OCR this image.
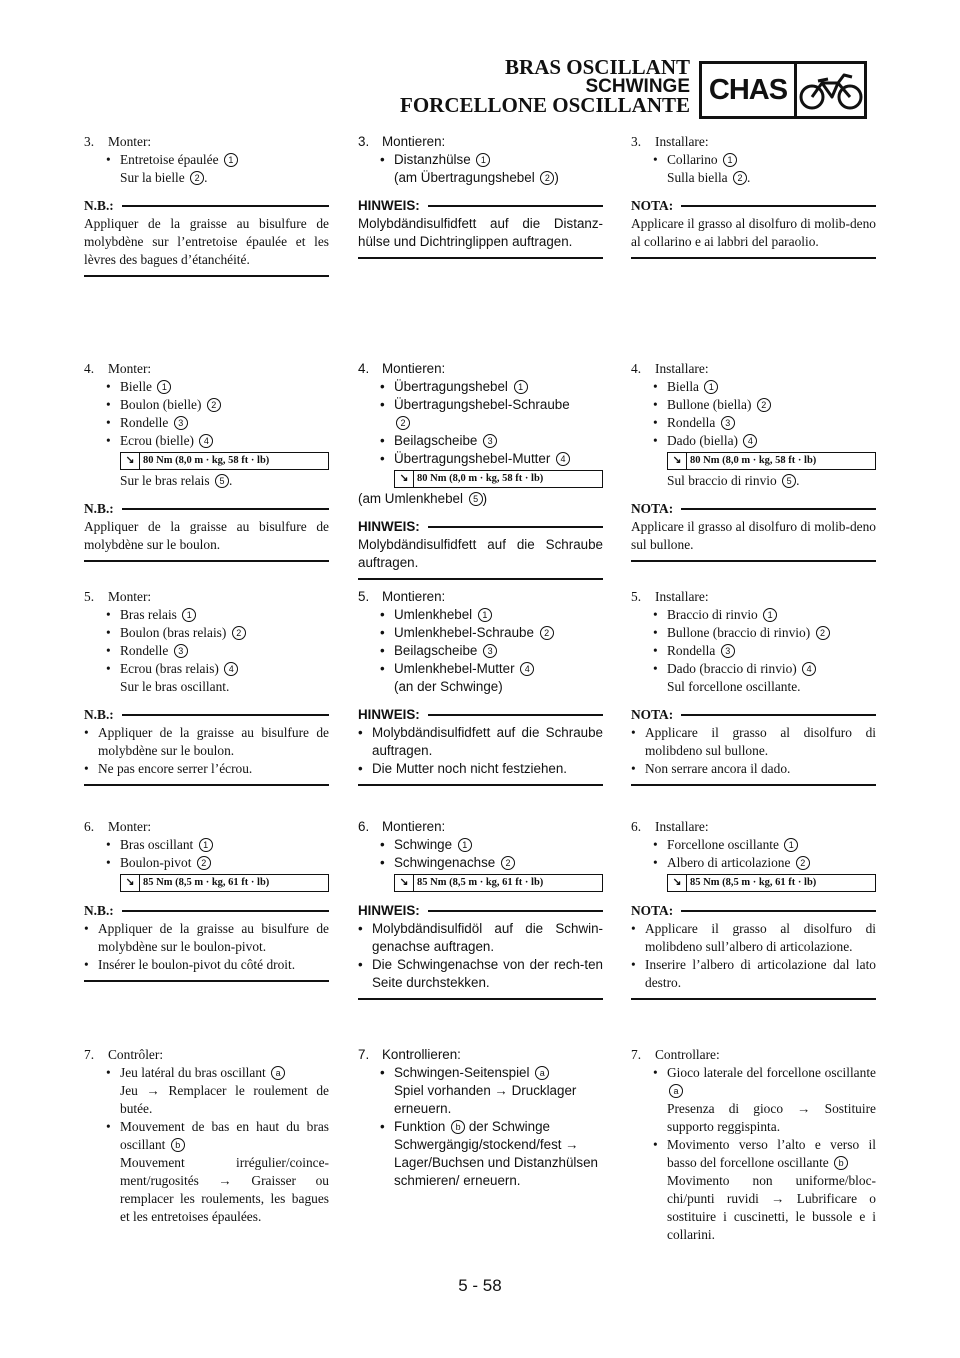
BRAS OSCILLANT
SCHWINGE
FORCELLONE OSCILLANTE CHAS
3.	Monter:
• Entretoise épaulée 1
Sur la bielle 2 .
N.B.:
Appliquer de la graisse au bisulfure de molybdène sur l’entretoise épaulée et les lèvres des bagues d’étanchéité.
4.	Monter:
• Bielle 1
• Boulon (bielle) 2
• Rondelle 3
• Ecrou (bielle) 4
↘ 80 Nm (8,0 m · kg, 58 ft · lb)
Sur le bras relais 5 .
N.B.:
Appliquer de la graisse au bisulfure de molybdène sur le boulon.
5.	Monter:
• Bras relais 1
• Boulon (bras relais) 2
• Rondelle 3
• Ecrou (bras relais) 4
Sur le bras oscillant.
N.B.:
• Appliquer de la graisse au bisulfure de molybdène sur le boulon.
• Ne pas encore serrer l’écrou.
6.	Monter:
• Bras oscillant 1
• Boulon-pivot 2
↘ 85 Nm (8,5 m · kg, 61 ft · lb)
N.B.:
• Appliquer de la graisse au bisulfure de molybdène sur le boulon-pivot.
• Insérer le boulon-pivot du côté droit.
7.	Contrôler:
• Jeu latéral du bras oscillant a
Jeu → Remplacer le roulement de butée.
• Mouvement de bas en haut du bras oscillant b
Mouvement irrégulier/coince-ment/rugosités → Graisser ou remplacer les roulements, les bagues et les entretoises épaulées.
3. Montieren:
• Distanzhülse 1
(am Übertragungshebel 2 )
HINWEIS:
Molybdändisulfidfett auf die Distanz-hülse und Dichtringlippen auftragen.
4. Montieren:
• Übertragungshebel 1
• Übertragungshebel-Schraube
2
• Beilagscheibe 3
• Übertragungshebel-Mutter 4
↘ 80 Nm (8,0 m · kg, 58 ft · lb)
(am Umlenkhebel 5 )
HINWEIS:
Molybdändisulfidfett auf die Schraube auftragen.
5. Montieren:
• Umlenkhebel 1
• Umlenkhebel-Schraube 2
• Beilagscheibe 3
• Umlenkhebel-Mutter 4
(an der Schwinge)
HINWEIS:
• Molybdändisulfidfett auf die Schraube auftragen.
• Die Mutter noch nicht festziehen.
6. Montieren:
• Schwinge 1
• Schwingenachse 2
↘ 85 Nm (8,5 m · kg, 61 ft · lb)
HINWEIS:
• Molybdändisulfidöl auf die Schwin-genachse auftragen.
• Die Schwingenachse von der rech-ten Seite durchstekken.
7. Kontrollieren:
• Schwingen-Seitenspiel a
Spiel vorhanden → Drucklager erneuern.
• Funktion b der Schwinge
Schwergängig/stockend/fest → Lager/Buchsen und Distanzhülsen schmieren/ erneuern.
3.	Installare:
• Collarino 1
Sulla biella 2 .
NOTA:
Applicare il grasso al disolfuro di molib-deno al collarino e ai labbri del paraolio.
4.	Installare:
• Biella 1
• Bullone (biella) 2
• Rondella 3
• Dado (biella) 4
↘ 80 Nm (8,0 m · kg, 58 ft · lb)
Sul braccio di rinvio 5 .
NOTA:
Applicare il grasso al disolfuro di molib-deno sul bullone.
5.	Installare:
• Braccio di rinvio 1
• Bullone (braccio di rinvio) 2
• Rondella 3
• Dado (braccio di rinvio) 4
Sul forcellone oscillante.
NOTA:
• Applicare il grasso al disolfuro di molibdeno sul bullone.
• Non serrare ancora il dado.
6.	Installare:
• Forcellone oscillante 1
• Albero di articolazione 2
↘ 85 Nm (8,5 m · kg, 61 ft · lb)
NOTA:
• Applicare il grasso al disolfuro di molibdeno sull’albero di articolazione.
• Inserire l’albero di articolazione dal lato destro.
7.	Controllare:
• Gioco laterale del forcellone oscillante a
Presenza di gioco → Sostituire supporto reggispinta.
• Movimento verso l’alto e verso il basso del forcellone oscillante b
Movimento non uniforme/bloc-chi/punti ruvidi → Lubrificare o sostituire i cuscinetti, le bussole e i collarini.
5 - 58
